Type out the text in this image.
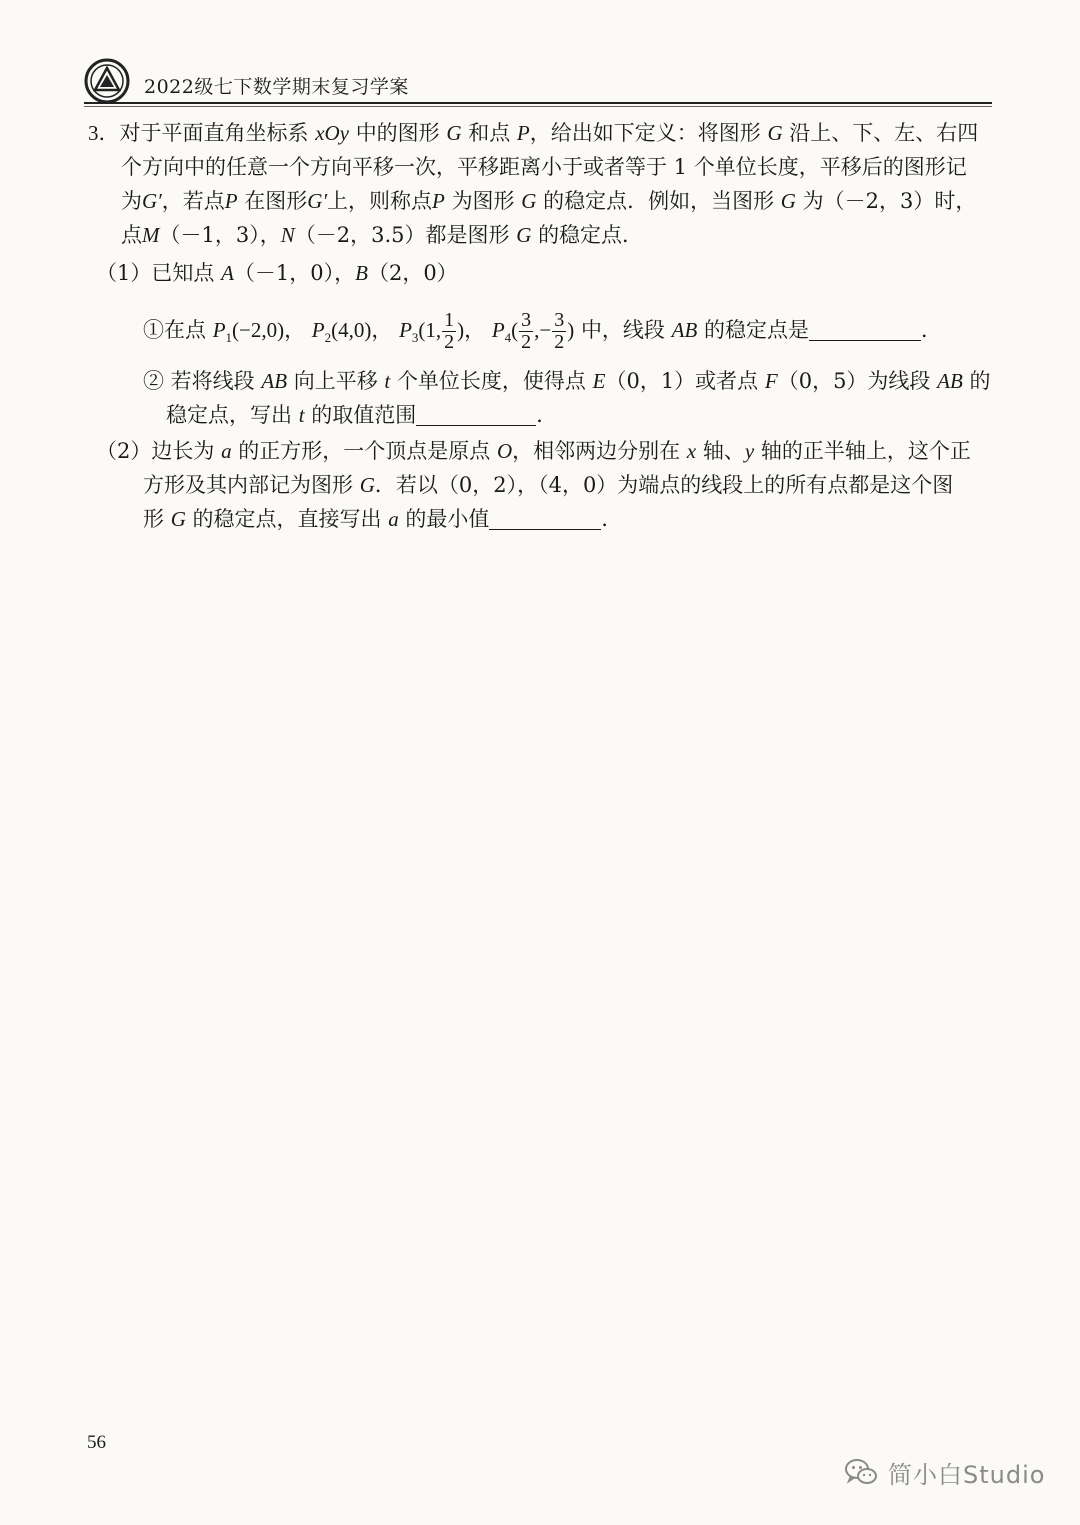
2022级七下数学期末复习学案
3．对于平面直角坐标系 xOy 中的图形 G 和点 P，给出如下定义：将图形 G 沿上、下、左、右四
个方向中的任意一个方向平移一次，平移距离小于或者等于 1 个单位长度，平移后的图形记
为G′，若点P 在图形G′上，则称点P 为图形 G 的稳定点．例如，当图形 G 为（－2，3）时，
点M（－1，3），N（－2，3.5）都是图形 G 的稳定点．
（1）已知点 A（－1，0），B（2，0）
①在点 $P_1(-2,0)$， $P_2(4,0)$， $P_3(1$, $\frac{1}{2}$ )， $P_4( \frac{3}{2}$ ,− $\frac{3}{2}$ ) 中，线段 AB 的稳定点是	．
② 若将线段 AB 向上平移 t 个单位长度，使得点 E（0，1）或者点 F（0，5）为线段 AB 的
稳定点，写出 t 的取值范围	．
（2）边长为 a 的正方形，一个顶点是原点 O，相邻两边分别在 x 轴、y 轴的正半轴上，这个正
方形及其内部记为图形 G．若以（0，2），（4，0）为端点的线段上的所有点都是这个图
形 G 的稳定点，直接写出 a 的最小值	．
56
简小白Studio
